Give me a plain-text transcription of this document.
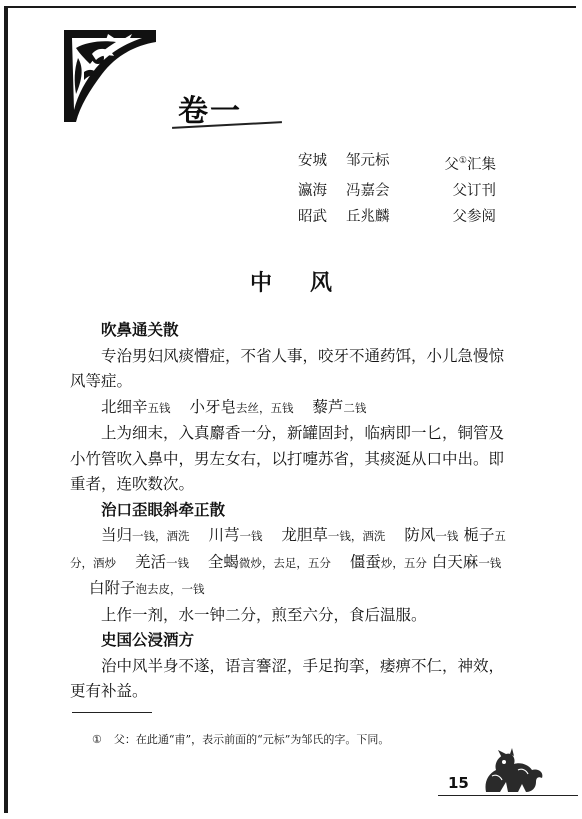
卷一
安城	邹元标	父①汇集
瀛海	冯嘉会	父订刊
昭武	丘兆麟	父参阅
中风

吹鼻通关散

专治男妇风痰懵症，不省人事，咬牙不通药饵，小儿急慢惊风等症。

北细辛五钱 小牙皂去丝，五钱 藜芦二钱

上为细末，入真麝香一分，新罐固封，临病即一匕，铜管及小竹管吹入鼻中，男左女右，以打嚏苏省，其痰涎从口中出。即重者，连吹数次。

治口歪眼斜牵正散

当归一钱，酒洗 川芎一钱 龙胆草一钱，酒洗 防风一钱 栀子五分，酒炒 羌活一钱 全蝎微炒，去足，五分 僵蚕炒，五分 白天麻一钱 白附子泡去皮，一钱

上作一剂，水一钟二分，煎至六分，食后温服。

史国公浸酒方

治中风半身不遂，语言謇涩，手足拘挛，痿痹不仁，神效，更有补益。

① 父：在此通“甫”，表示前面的“元标”为邹氏的字。下同。
15
